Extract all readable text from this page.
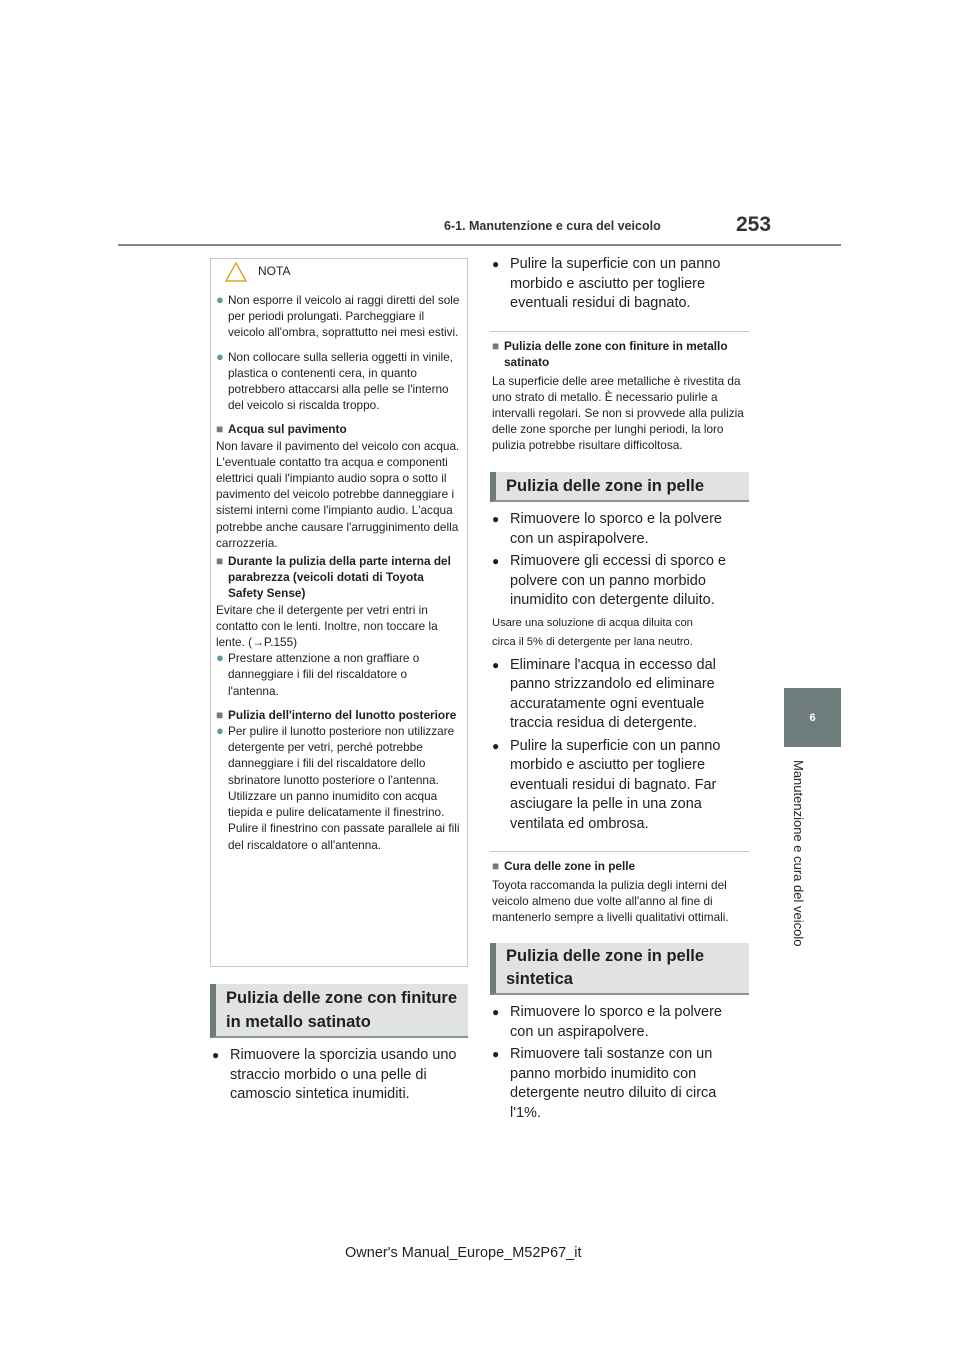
6-1. Manutenzione e cura del veicolo	253
6
Manutenzione e cura del veicolo
NOTA
● Non esporre il veicolo ai raggi diretti del sole per periodi prolungati. Parcheggiare il veicolo all'ombra, soprattutto nei mesi estivi.

● Non collocare sulla selleria oggetti in vinile, plastica o contenenti cera, in quanto potrebbero attaccarsi alla pelle se l'interno del veicolo si riscalda troppo.

■ Acqua sul pavimento

Non lavare il pavimento del veicolo con acqua.

L'eventuale contatto tra acqua e componenti elettrici quali l'impianto audio sopra o sotto il pavimento del veicolo potrebbe danneggiare i sistemi interni come l'impianto audio. L'acqua potrebbe anche causare l'arrugginimento della carrozzeria.

■ Durante la pulizia della parte interna del parabrezza (veicoli dotati di Toyota Safety Sense)

Evitare che il detergente per vetri entri in contatto con le lenti. Inoltre, non toccare la lente. (→P.155)

● Prestare attenzione a non graffiare o danneggiare i fili del riscaldatore o l'antenna.

■ Pulizia dell'interno del lunotto posteriore
● Per pulire il lunotto posteriore non utilizzare detergente per vetri, perché potrebbe danneggiare i fili del riscaldatore dello sbrinatore lunotto posteriore o l'antenna. Utilizzare un panno inumidito con acqua tiepida e pulire delicatamente il finestrino. Pulire il finestrino con passate parallele ai fili del riscaldatore o all'antenna.

Pulizia delle zone con finiture in metallo satinato
● Rimuovere la sporcizia usando uno straccio morbido o una pelle di camoscio sintetica inumiditi.
● Pulire la superficie con un panno morbido e asciutto per togliere eventuali residui di bagnato.
■ Pulizia delle zone con finiture in metallo satinato
La superficie delle aree metalliche è rivestita da uno strato di metallo. È necessario pulirle a intervalli regolari. Se non si provvede alla pulizia delle zone sporche per lunghi periodi, la loro pulizia potrebbe risultare difficoltosa.
Pulizia delle zone in pelle
● Rimuovere lo sporco e la polvere con un aspirapolvere.
● Rimuovere gli eccessi di sporco e polvere con un panno morbido inumidito con detergente diluito.
Usare una soluzione di acqua diluita con
circa il 5% di detergente per lana neutro.
● Eliminare l'acqua in eccesso dal panno strizzandolo ed eliminare accuratamente ogni eventuale traccia residua di detergente.
● Pulire la superficie con un panno morbido e asciutto per togliere eventuali residui di bagnato. Far asciugare la pelle in una zona ventilata ed ombrosa.
■ Cura delle zone in pelle
Toyota raccomanda la pulizia degli interni del veicolo almeno due volte all'anno al fine di mantenerlo sempre a livelli qualitativi ottimali.
Pulizia delle zone in pelle sintetica
● Rimuovere lo sporco e la polvere con un aspirapolvere.
● Rimuovere tali sostanze con un panno morbido inumidito con detergente neutro diluito di circa l'1%.
Owner's Manual_Europe_M52P67_it
